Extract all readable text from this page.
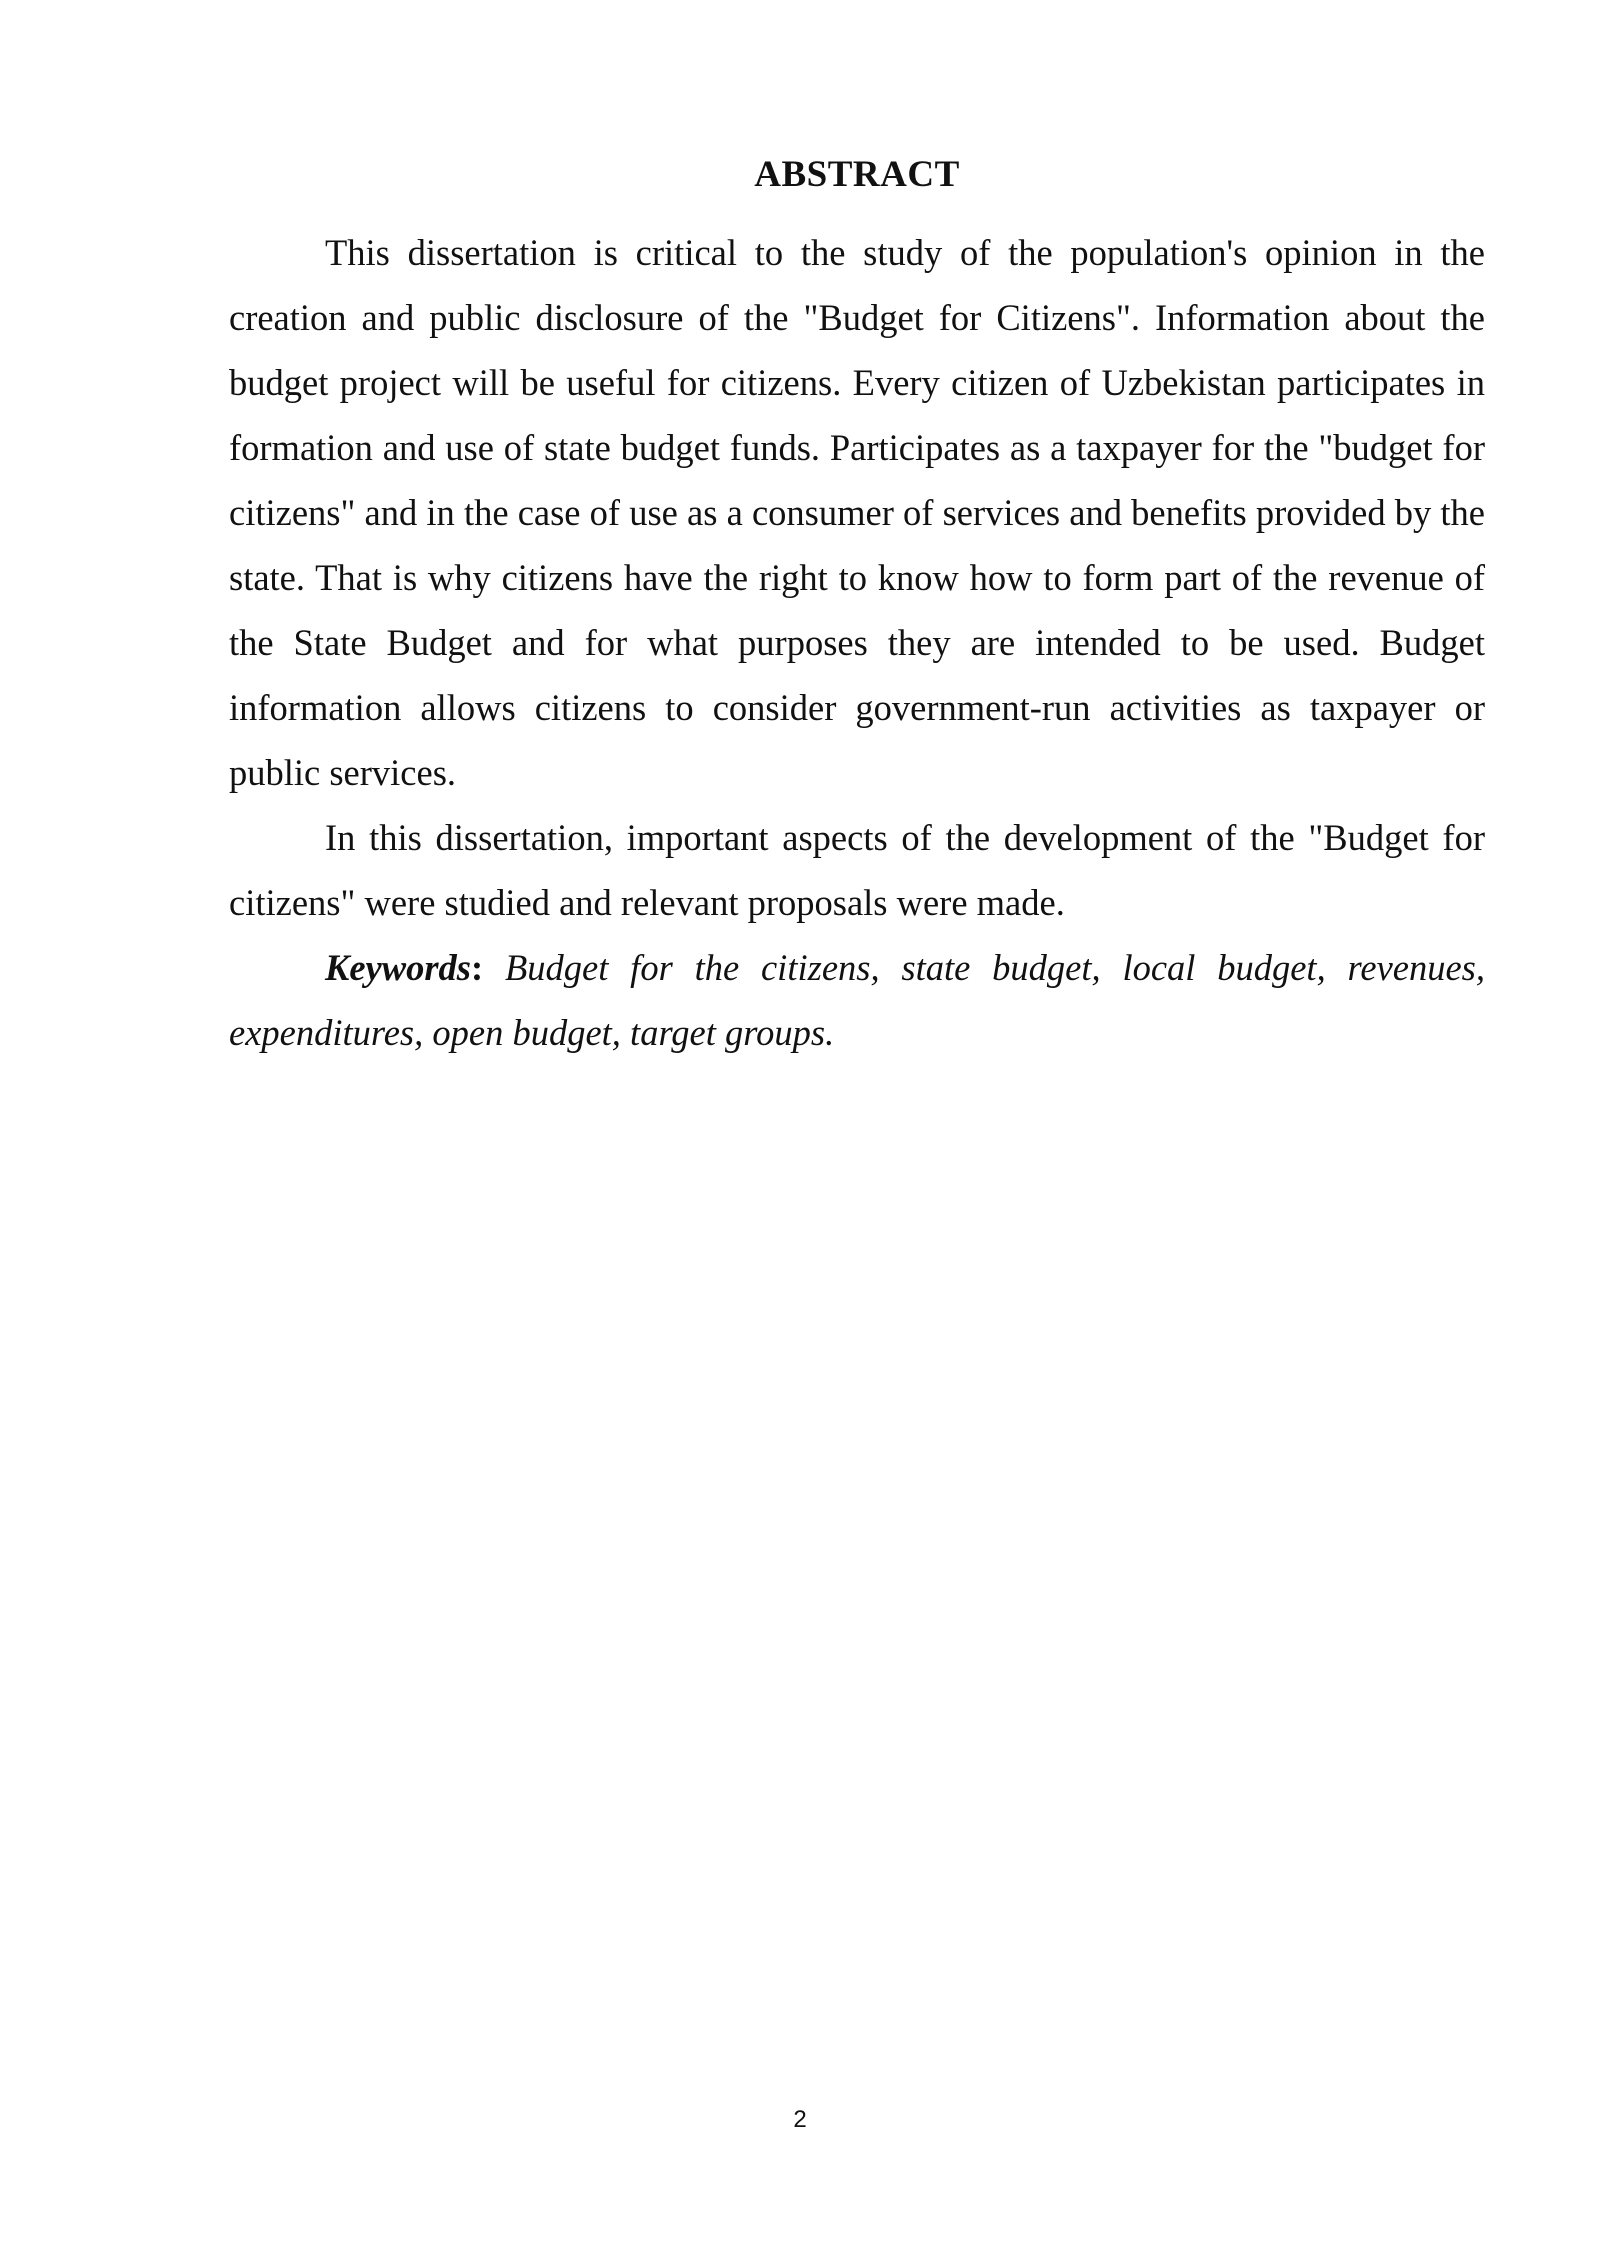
ABSTRACT

This dissertation is critical to the study of the population's opinion in the creation and public disclosure of the "Budget for Citizens". Information about the budget project will be useful for citizens. Every citizen of Uzbekistan participates in formation and use of state budget funds. Participates as a taxpayer for the "budget for citizens" and in the case of use as a consumer of services and benefits provided by the state. That is why citizens have the right to know how to form part of the revenue of the State Budget and for what purposes they are intended to be used. Budget information allows citizens to consider government-run activities as taxpayer or public services.

In this dissertation, important aspects of the development of the "Budget for citizens" were studied and relevant proposals were made.

Keywords: Budget for the citizens, state budget, local budget, revenues, expenditures, open budget, target groups.

2
